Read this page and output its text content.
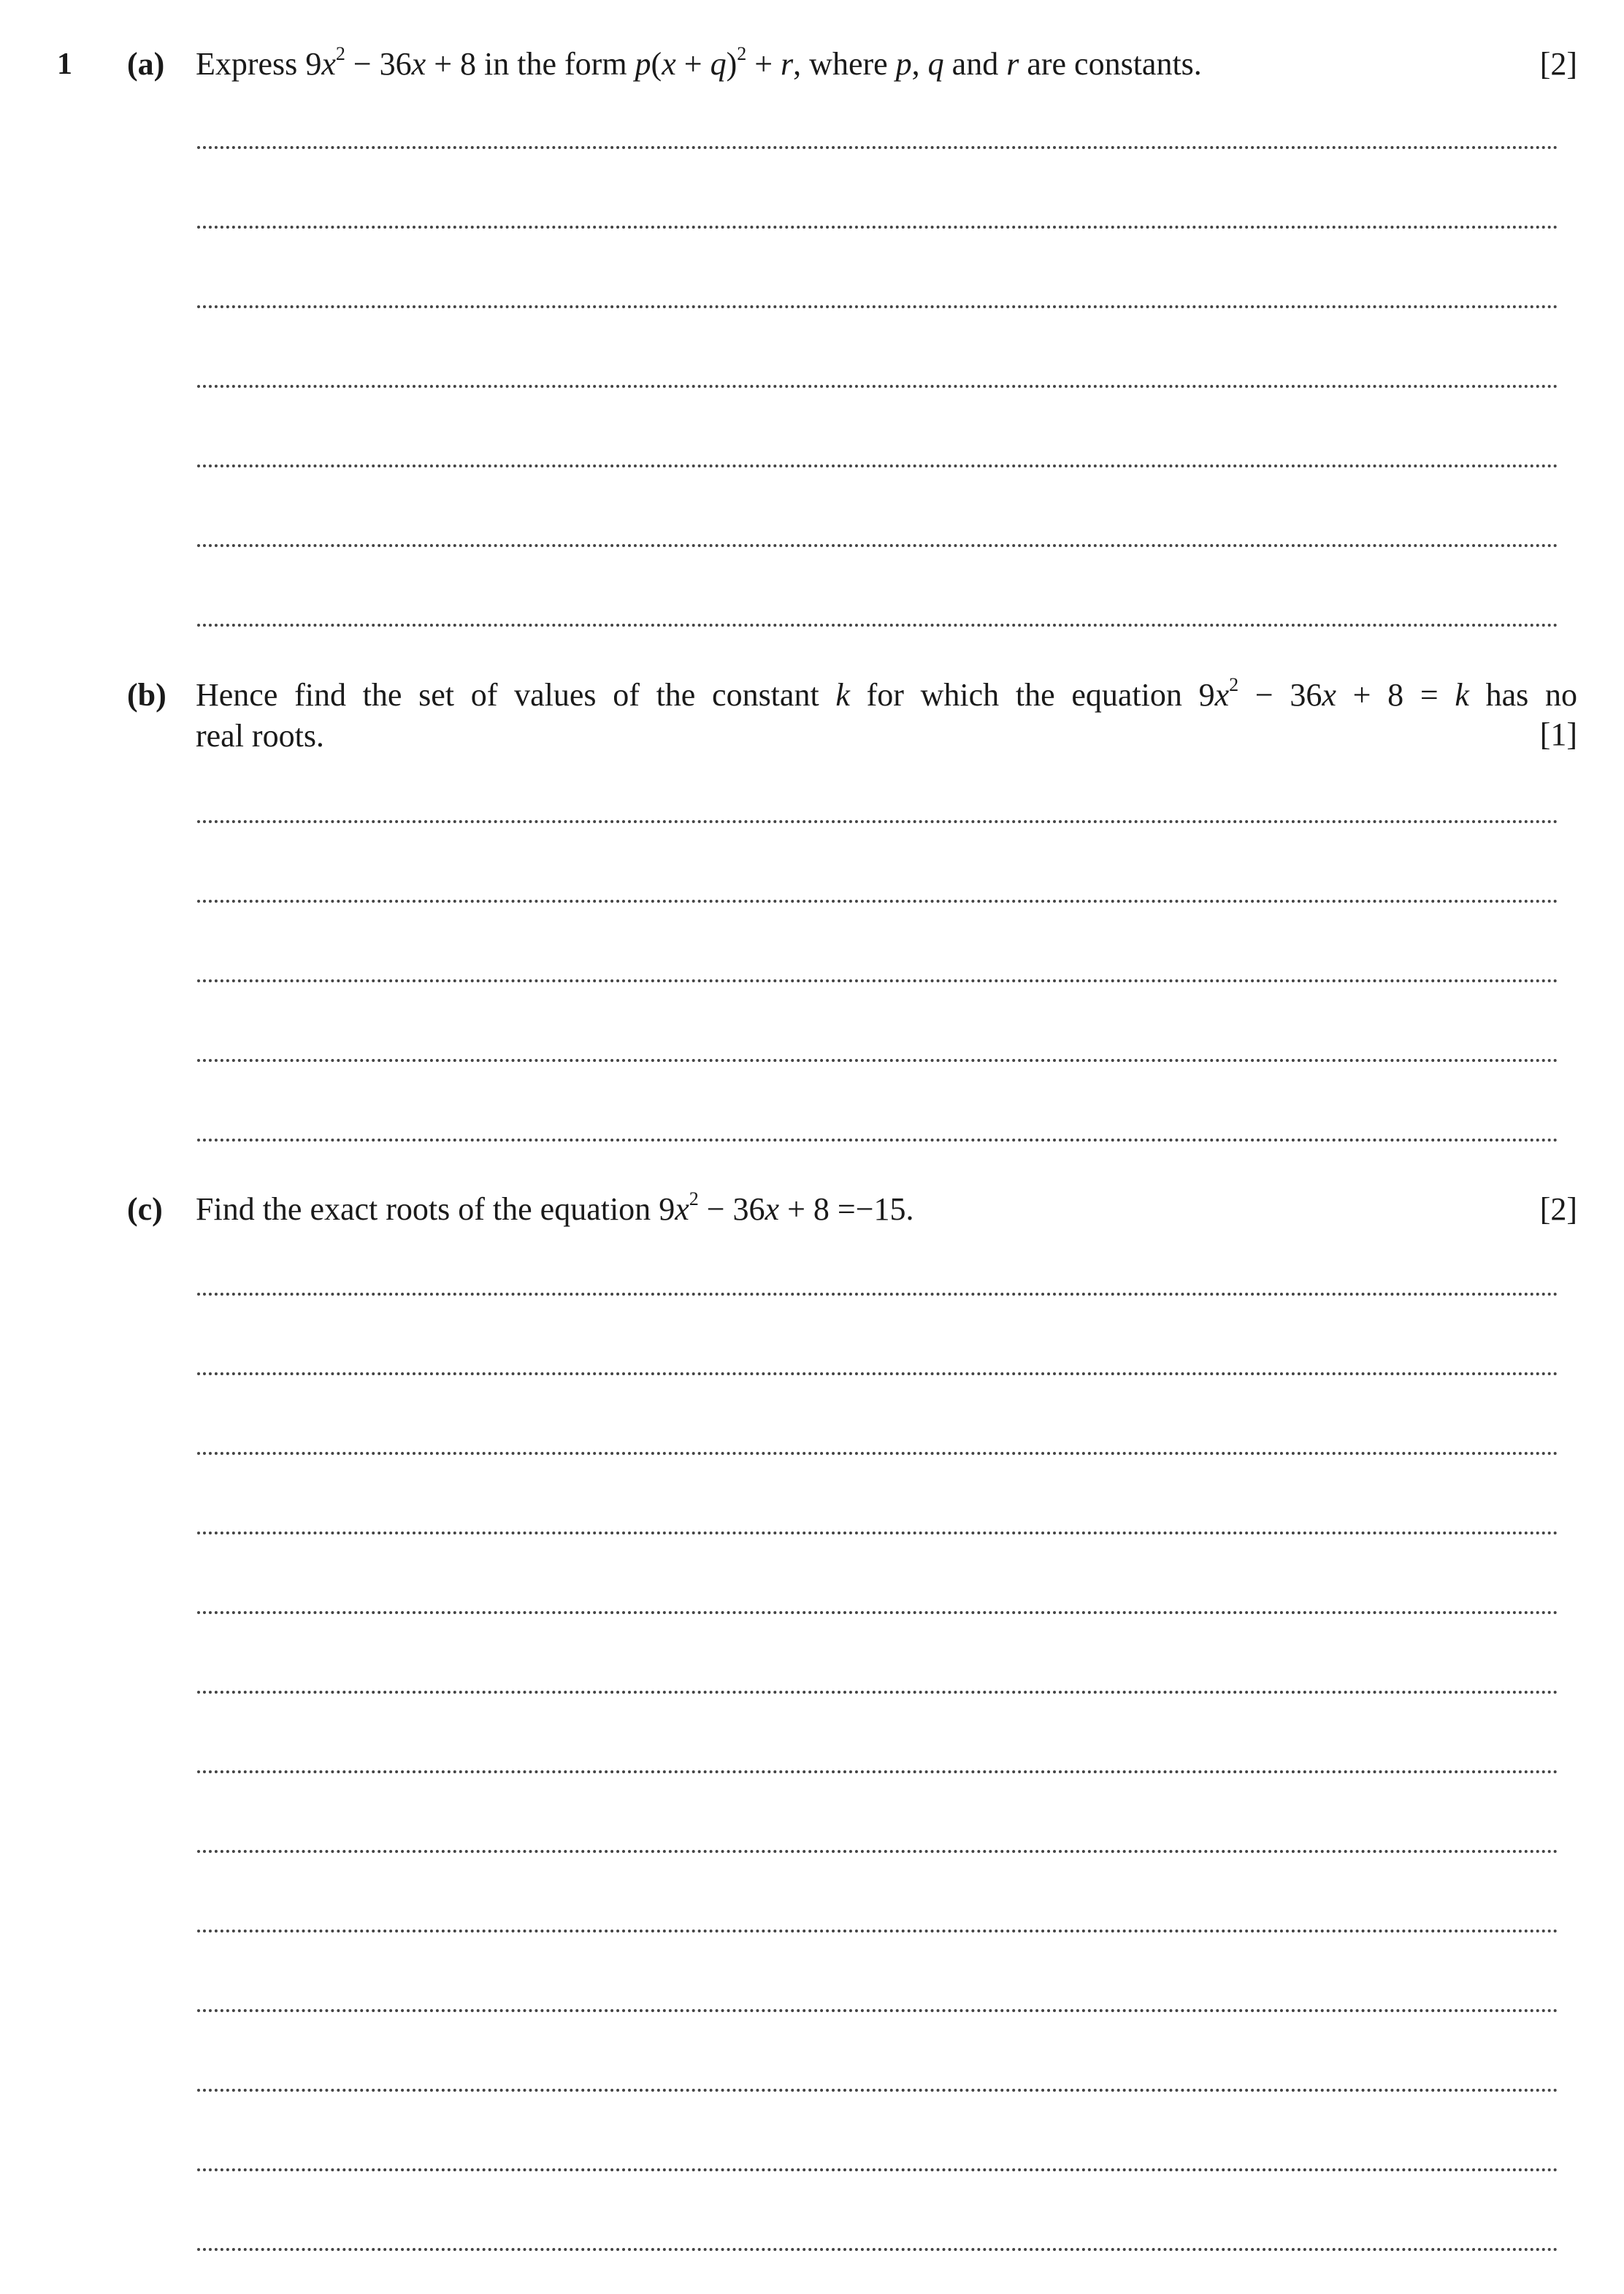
1 (a) Express $9x^2 - 36x + 8$ in the form $p(x + q)^2 + r$, where p, q and r are constants.	[2]
(b) Hence find the set of values of the constant k for which the equation $9x^2 - 36x + 8 = k$ has no
real roots.	[1]
(c) Find the exact roots of the equation $9x^2 - 36x + 8 =-15$.	[2]
